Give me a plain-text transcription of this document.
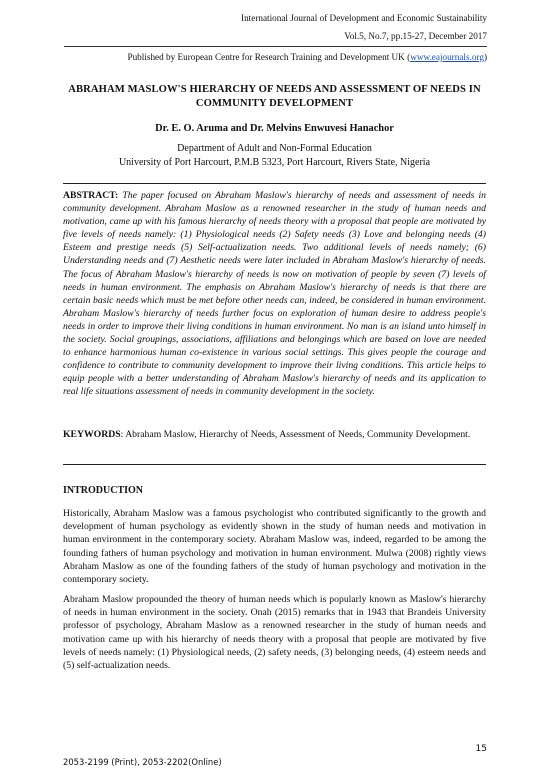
International Journal of Development and Economic Sustainability
Vol.5, No.7, pp.15-27, December 2017
Published by European Centre for Research Training and Development UK (www.eajournals.org)
ABRAHAM MASLOW'S HIERARCHY OF NEEDS AND ASSESSMENT OF NEEDS IN COMMUNITY DEVELOPMENT
Dr. E. O. Aruma and Dr. Melvins Enwuvesi Hanachor
Department of Adult and Non-Formal Education
University of Port Harcourt, P.M.B 5323, Port Harcourt, Rivers State, Nigeria
ABSTRACT: The paper focused on Abraham Maslow's hierarchy of needs and assessment of needs in community development. Abraham Maslow as a renowned researcher in the study of human needs and motivation, came up with his famous hierarchy of needs theory with a proposal that people are motivated by five levels of needs namely: (1) Physiological needs (2) Safety needs (3) Love and belonging needs (4) Esteem and prestige needs (5) Self-actualization needs. Two additional levels of needs namely; (6) Understanding needs and (7) Aesthetic needs were later included in Abraham Maslow's hierarchy of needs. The focus of Abraham Maslow's hierarchy of needs is now on motivation of people by seven (7) levels of needs in human environment. The emphasis on Abraham Maslow's hierarchy of needs is that there are certain basic needs which must be met before other needs can, indeed, be considered in human environment. Abraham Maslow's hierarchy of needs further focus on exploration of human desire to address people's needs in order to improve their living conditions in human environment. No man is an island unto himself in the society. Social groupings, associations, affiliations and belongings which are based on love are needed to enhance harmonious human co-existence in various social settings. This gives people the courage and confidence to contribute to community development to improve their living conditions. This article helps to equip people with a better understanding of Abraham Maslow's hierarchy of needs and its application to real life situations assessment of needs in community development in the society.
KEYWORDS: Abraham Maslow, Hierarchy of Needs, Assessment of Needs, Community Development.
INTRODUCTION

Historically, Abraham Maslow was a famous psychologist who contributed significantly to the growth and development of human psychology as evidently shown in the study of human needs and motivation in human environment in the contemporary society. Abraham Maslow was, indeed, regarded to be among the founding fathers of human psychology and motivation in human environment. Mulwa (2008) rightly views Abraham Maslow as one of the founding fathers of the study of human psychology and motivation in the contemporary society.

Abraham Maslow propounded the theory of human needs which is popularly known as Maslow's hierarchy of needs in human environment in the society. Onah (2015) remarks that in 1943 that Brandeis University professor of psychology, Abraham Maslow as a renowned researcher in the study of human needs and motivation came up with his hierarchy of needs theory with a proposal that people are motivated by five levels of needs namely: (1) Physiological needs, (2) safety needs, (3) belonging needs, (4) esteem needs and (5) self-actualization needs.

15
2053-2199 (Print), 2053-2202(Online)
